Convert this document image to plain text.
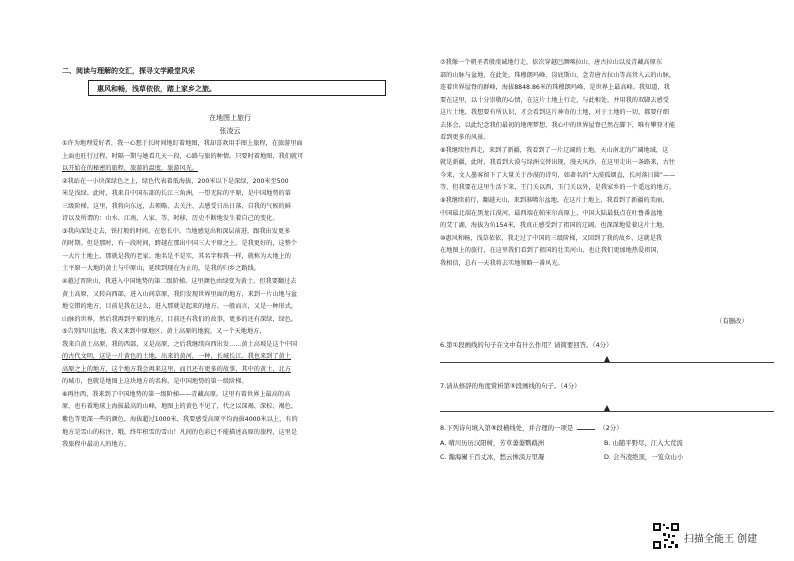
二、阅读与理解的交汇，探寻文学殿堂风采
惠风和畅，浅草依依，踏上家乡之旅。
在地图上旅行
张凌云

①许为地理爱好者，我一心想于长时间地盯着地图，我却喜欢用手图上旅程，在旅游里面

上面也旺行过程，时隔一期与她看几天一段，心路与旅的种情。只要时着地图，我们就可

以开始在的秘密的旅程，旅游的温度，旅游风光。

②我站在一小块深绿色之上，绿色代表着低海拔，200米以下是深绿，200米至500

米是浅绿。此时，我来自中国东部的长江三角洲，一望无际的平原，是中国地势的第

三级阶梯。这里，我将向东远，去领略、去关注、去感受日出日落、自我的气候的鲜

诗以及所谓的：山水、江南、人家、等，时移，历史不断地发生着自己的变化。

③我向深处走去，铁打般的时间，在悠长中。当地感觉出和深层前进，跟我出发更多

的时期。但是那时，有一段时间，跨越在那出中国三大平原之上。是我更好的，这整个

一大片土地上，那就是我的老家。地名是不是实，其名字和我一样，就称为大地上的

土平原一大地的黄土与中原山，延续到现在为止的，是我的归乡之路线。

④越过晋陕山，我进入中国地势的第二级阶梯。这里颜色由绿变为黄土，但我要翻过去

黄土高原，又转向西部，进入山间草原，我们发现世界里面的地方，来到一片山地与盆

地交错的地方，目前是我在这么，进入那就是起来的地方。一般而言，又是一种形式，

山脉的世界，然后我再到平原的地方，目前还有我们的故事，更多的还有深绿，绿色。

⑤告别四川盆地，我又来到中原地区，黄土高原的地貌，又一个天地地方，

我来自黄土高原，我的西部，又是高原，之后我继续向西出发……黄土高坡是这个中国

的古代文明，这是一片黄色的土地，出来的黄河，一种，长城长江。我也来到了黄土

高原之上的地方，这个地方我会再来这里，而且还有更多的故事，其中的黄土，北方

的城市，也就是地图上这块地方的名称，是中国地势的第一级阶梯。

⑥再往西，我来到了中国地势的第一级阶梯——青藏高原。这里有着世界上最高的高

原，也有着地球上海拔最高的山峰，地图上的黄色不见了，代之以深褐、深棕、褐色、

紫色等更深一些的颜色，海拔超过1000米，我要感受高原平均海拔4000米以上，有的

地方是雪山的标注，哦，终年积雪的雪山！凡间的色彩已不能描述高原的旅程，这里是

我旅程中最动人的地方。

⑦我像一个朝圣者般虔诚地行走，依次穿越巴颜喀拉山、唐古拉山以及青藏高原东

部的山脉与盆地，在此处，珠穆朗玛峰、岗底斯山、念青唐古拉山等高耸入云的山脉，

连着世界屋脊的群峰，海拔8848.86米的珠穆朗玛峰，是世界上最高峰。我知道，我

要在这里，以十分崇敬的心情，在这片土地上行走，与此相处，并用我的双脚去感受

这片土地，我想要有所认识，才会看到这片神奇的土地，对于土地的一切，都要仔细

去体会，以此纪念我们最初的地理梦想，我心中的世界屋脊已然在脚下，唯有攀登才能

看到更多的风景。

⑧我继续往西走，来到了新疆，我看到了一片辽阔的土地，天山南北的广阔地域，这

就是新疆，此时，我看到大漠与绿洲交替出现，漫天风沙，在这里走出一条路来，古往

今来，文人墨客留下了大量关于沙漠的诗句，如著名的“大漠孤烟直，长河落日圆”——

等，但我要在这里生活下来，王门关以西，玉门关以外，是我家乡的一个遥远的地方。

⑨我继续前行，翻越天山，来到准噶尔盆地，在这片土地上，我看到了新疆的美丽，

中国最北端在黑龙江漠河，最西端在帕米尔高原上，中国大陆最低点在吐鲁番盆地

的艾丁湖，海拔为负154米，我真正感受到了祖国的辽阔，也深深地爱着这片土地。

⑩惠风和畅，浅草依依，我走过了中国的三级阶梯，又回到了我的故乡，这就是我

在地图上的旅行，在这里我们看到了祖国的壮美河山，也让我们更加地热爱祖国，

我相信，总有一天我将去实地领略一番风光。

（有删改）
6.第①段画线的句子在文中有什么作用？请简要回答。（4分）
7.请从修辞的角度赏析第⑤段画线的句子。（4分）
8.下列诗句填入第⑧段横线处，并合理的一项是	（2分）
A. 晴川历历汉阳树，芳草萋萋鹦鹉洲	B. 山随平野尽，江入大荒流
C. 瀚海阑干百丈冰，愁云惨淡万里凝	D. 会当凌绝顶，一览众山小
扫描全能王 创建
